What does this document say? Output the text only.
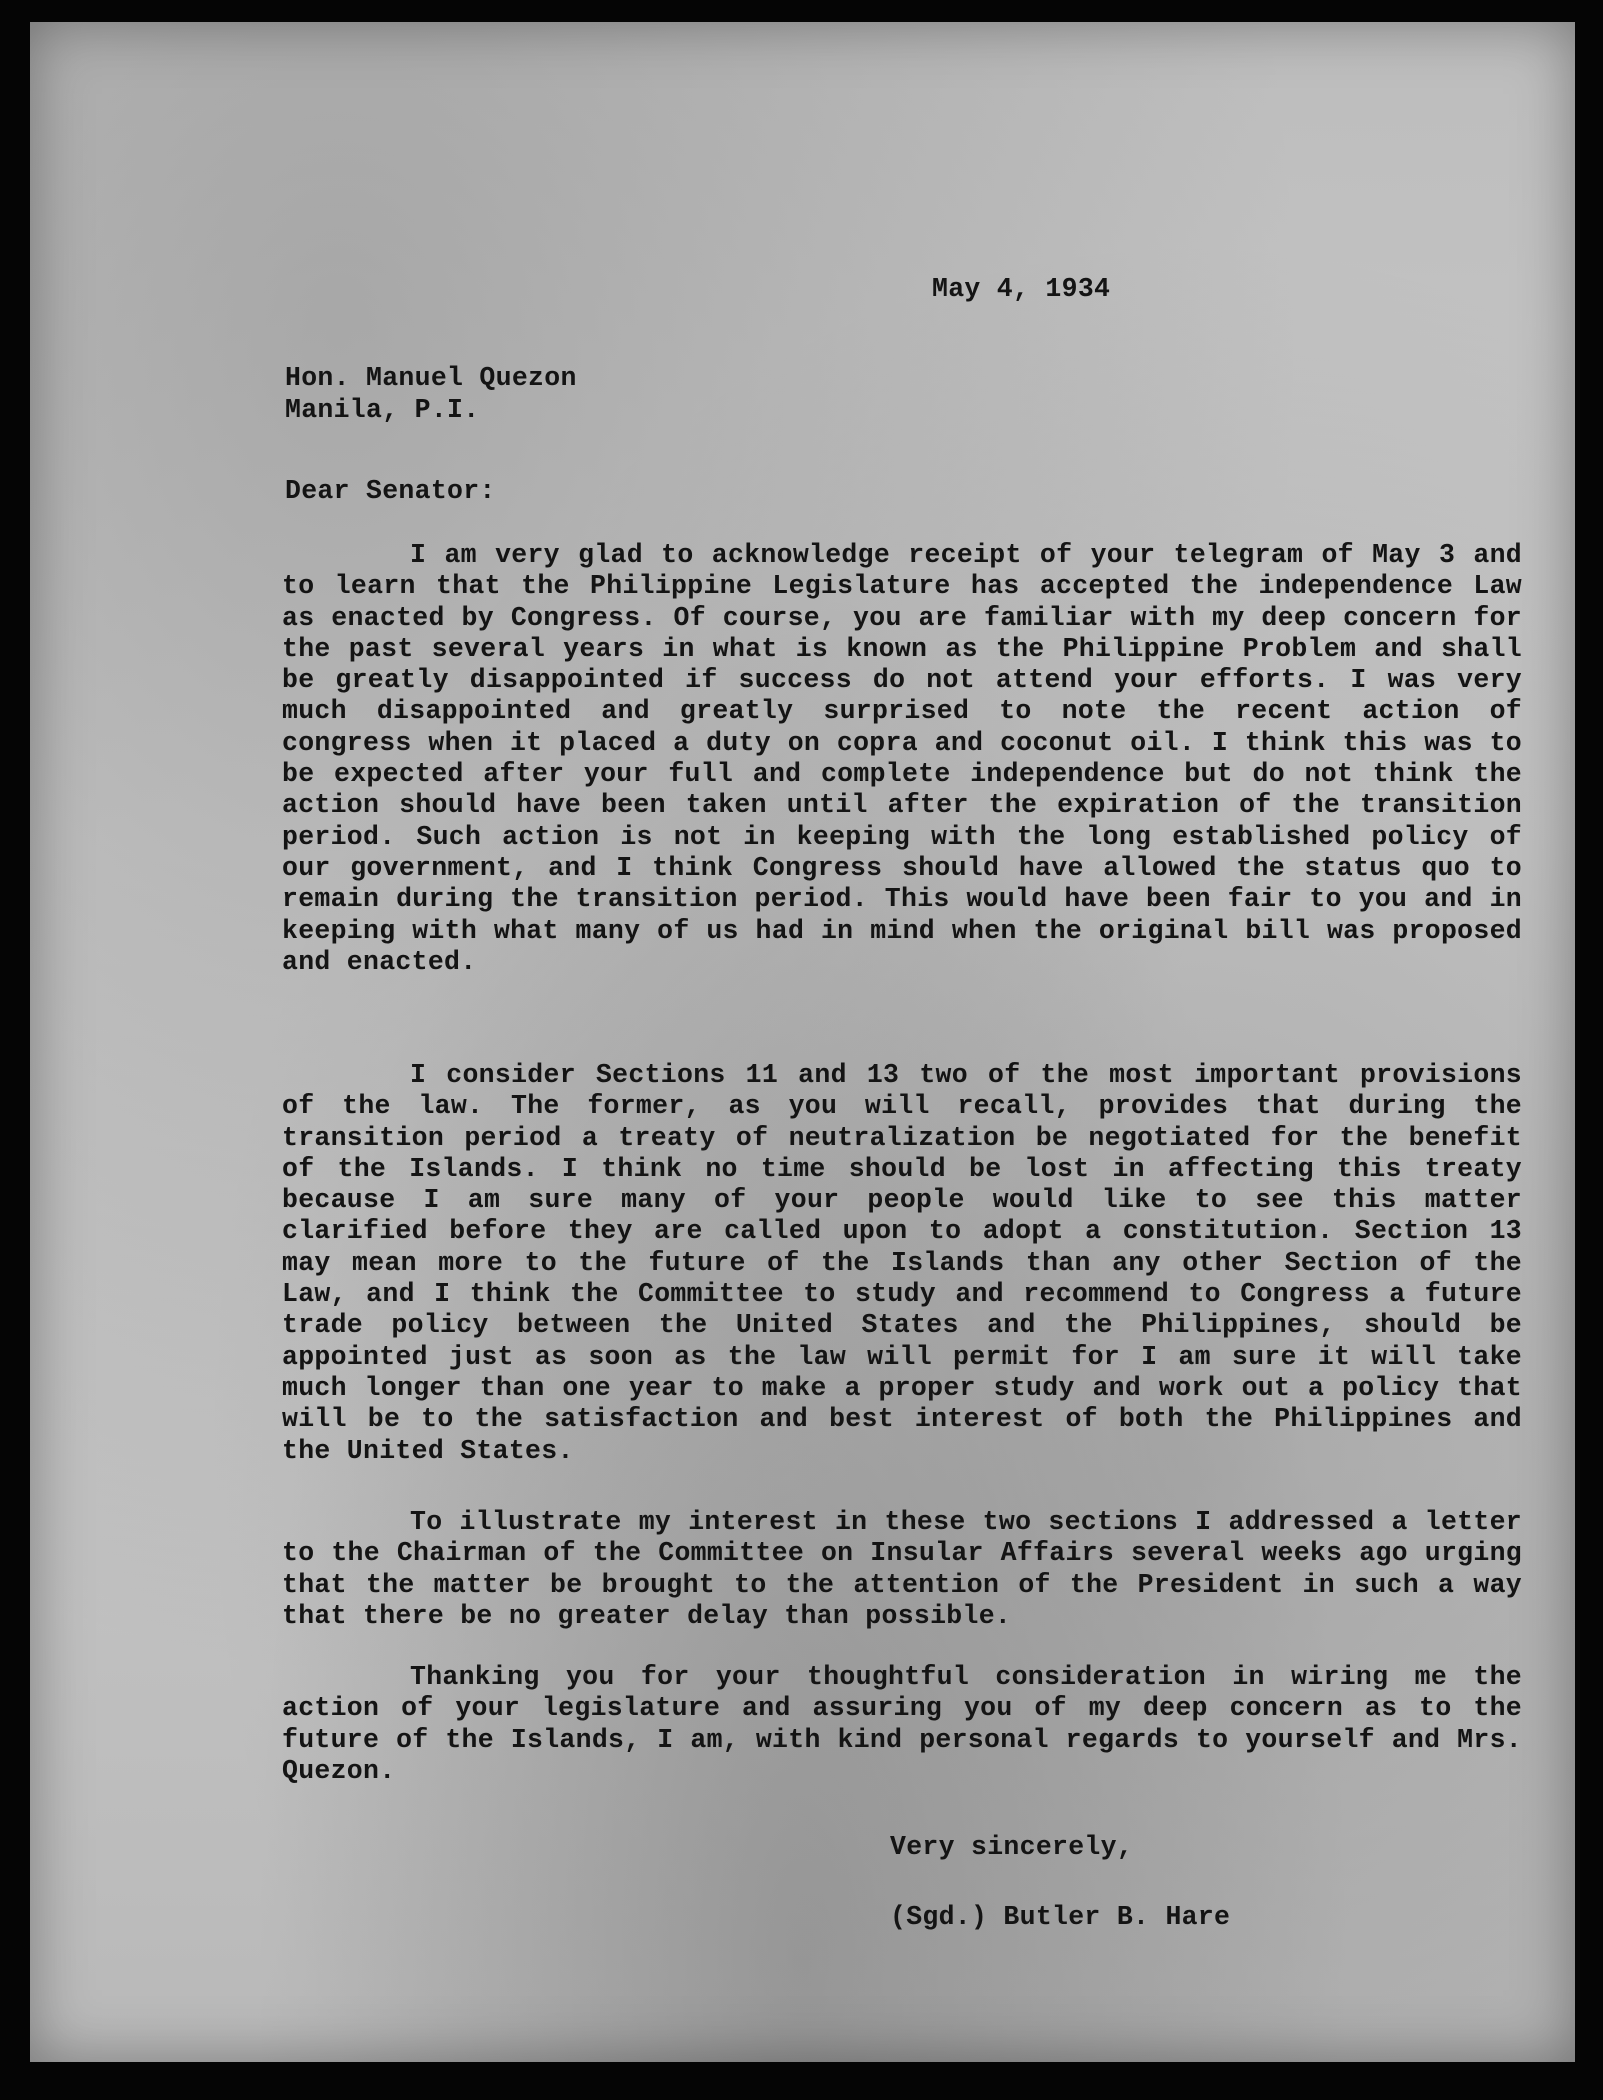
May 4, 1934
Hon. Manuel Quezon
Manila, P.I.
Dear Senator:

I am very glad to acknowledge receipt of your telegram of May 3 and to learn that the Philippine Legislature has accepted the independence Law as enacted by Congress. Of course, you are familiar with my deep concern for the past several years in what is known as the Philippine Problem and shall be greatly disappointed if success do not attend your efforts. I was very much disappointed and greatly surprised to note the recent action of congress when it placed a duty on copra and coconut oil. I think this was to be expected after your full and complete independence but do not think the action should have been taken until after the expiration of the transition period. Such action is not in keeping with the long established policy of our government, and I think Congress should have allowed the status quo to remain during the transition period. This would have been fair to you and in keeping with what many of us had in mind when the original bill was proposed and enacted.

I consider Sections 11 and 13 two of the most important provisions of the law. The former, as you will recall, provides that during the transition period a treaty of neutralization be negotiated for the benefit of the Islands. I think no time should be lost in affecting this treaty because I am sure many of your people would like to see this matter clarified before they are called upon to adopt a constitution. Section 13 may mean more to the future of the Islands than any other Section of the Law, and I think the Committee to study and recommend to Congress a future trade policy between the United States and the Philippines, should be appointed just as soon as the law will permit for I am sure it will take much longer than one year to make a proper study and work out a policy that will be to the satisfaction and best interest of both the Philippines and the United States.

To illustrate my interest in these two sections I addressed a letter to the Chairman of the Committee on Insular Affairs several weeks ago urging that the matter be brought to the attention of the President in such a way that there be no greater delay than possible.

Thanking you for your thoughtful consideration in wiring me the action of your legislature and assuring you of my deep concern as to the future of the Islands, I am, with kind personal regards to yourself and Mrs. Quezon.

Very sincerely,
(Sgd.) Butler B. Hare
